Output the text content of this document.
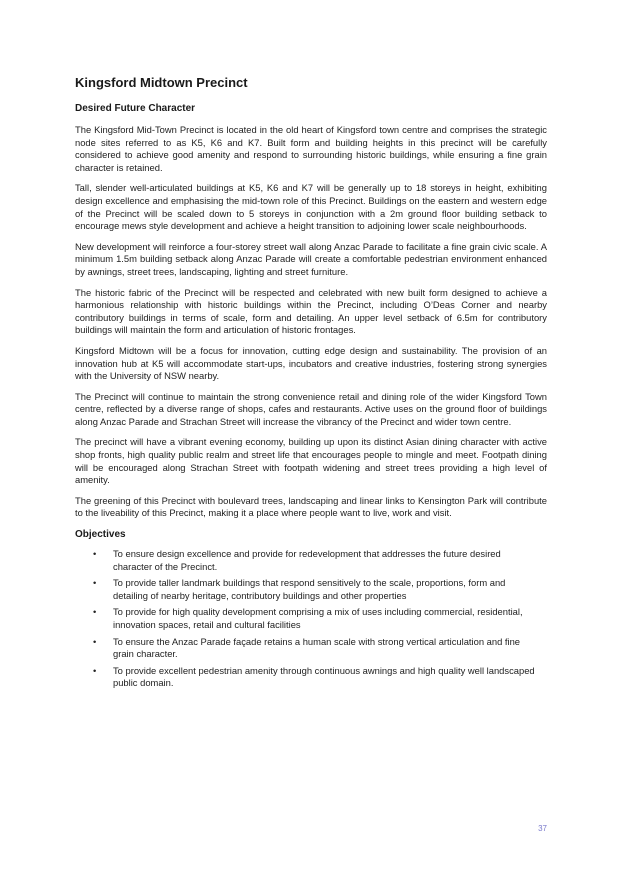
Kingsford Midtown Precinct
Desired Future Character

The Kingsford Mid-Town Precinct is located in the old heart of Kingsford town centre and comprises the strategic node sites referred to as K5, K6 and K7. Built form and building heights in this precinct will be carefully considered to achieve good amenity and respond to surrounding historic buildings, while ensuring a fine grain character is retained.

Tall, slender well-articulated buildings at K5, K6 and K7 will be generally up to 18 storeys in height, exhibiting design excellence and emphasising the mid-town role of this Precinct. Buildings on the eastern and western edge of the Precinct will be scaled down to 5 storeys in conjunction with a 2m ground floor building setback to encourage mews style development and achieve a height transition to adjoining lower scale neighbourhoods.

New development will reinforce a four-storey street wall along Anzac Parade to facilitate a fine grain civic scale. A minimum 1.5m building setback along Anzac Parade will create a comfortable pedestrian environment enhanced by awnings, street trees, landscaping, lighting and street furniture.

The historic fabric of the Precinct will be respected and celebrated with new built form designed to achieve a harmonious relationship with historic buildings within the Precinct, including O’Deas Corner and nearby contributory buildings in terms of scale, form and detailing. An upper level setback of 6.5m for contributory buildings will maintain the form and articulation of historic frontages.

Kingsford Midtown will be a focus for innovation, cutting edge design and sustainability. The provision of an innovation hub at K5 will accommodate start-ups, incubators and creative industries, fostering strong synergies with the University of NSW nearby.

The Precinct will continue to maintain the strong convenience retail and dining role of the wider Kingsford Town centre, reflected by a diverse range of shops, cafes and restaurants. Active uses on the ground floor of buildings along Anzac Parade and Strachan Street will increase the vibrancy of the Precinct and wider town centre.

The precinct will have a vibrant evening economy, building up upon its distinct Asian dining character with active shop fronts, high quality public realm and street life that encourages people to mingle and meet. Footpath dining will be encouraged along Strachan Street with footpath widening and street trees providing a high level of amenity.

The greening of this Precinct with boulevard trees, landscaping and linear links to Kensington Park will contribute to the liveability of this Precinct, making it a place where people want to live, work and visit.

Objectives
• To ensure design excellence and provide for redevelopment that addresses the future desired character of the Precinct.
• To provide taller landmark buildings that respond sensitively to the scale, proportions, form and detailing of nearby heritage, contributory buildings and other properties
• To provide for high quality development comprising a mix of uses including commercial, residential, innovation spaces, retail and cultural facilities
• To ensure the Anzac Parade façade retains a human scale with strong vertical articulation and fine grain character.
• To provide excellent pedestrian amenity through continuous awnings and high quality well landscaped public domain.
37
